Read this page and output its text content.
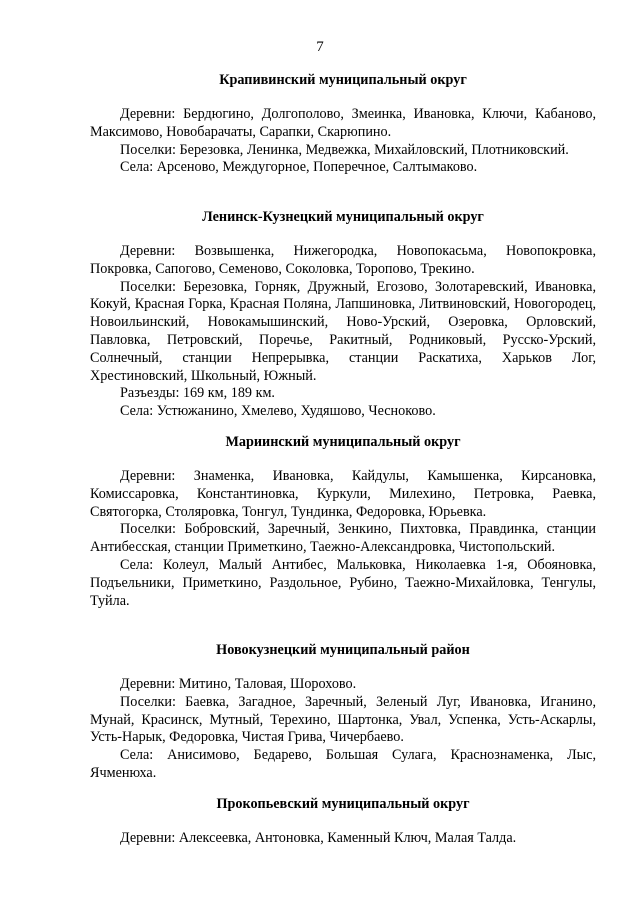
7
Крапивинский муниципальный округ

Деревни: Бердюгино, Долгополово, Змеинка, Ивановка, Ключи, Кабаново, Максимово, Новобарачаты, Сарапки, Скарюпино.

Поселки: Березовка, Ленинка, Медвежка, Михайловский, Плотниковский.

Села: Арсеново, Междугорное, Поперечное, Салтымаково.

Ленинск-Кузнецкий муниципальный округ

Деревни: Возвышенка, Нижегородка, Новопокасьма, Новопокровка, Покровка, Сапогово, Семеново, Соколовка, Торопово, Трекино.

Поселки: Березовка, Горняк, Дружный, Егозово, Золотаревский, Ивановка, Кокуй, Красная Горка, Красная Поляна, Лапшиновка, Литвиновский, Новогородец, Новоильинский, Новокамышинский, Ново-Урский, Озеровка, Орловский, Павловка, Петровский, Поречье, Ракитный, Родниковый, Русско-Урский, Солнечный, станции Непрерывка, станции Раскатиха, Харьков Лог, Хрестиновский, Школьный, Южный.

Разъезды: 169 км, 189 км.

Села: Устюжанино, Хмелево, Худяшово, Чесноково.

Мариинский муниципальный округ

Деревни: Знаменка, Ивановка, Кайдулы, Камышенка, Кирсановка, Комиссаровка, Константиновка, Куркули, Милехино, Петровка, Раевка, Святогорка, Столяровка, Тонгул, Тундинка, Федоровка, Юрьевка.

Поселки: Бобровский, Заречный, Зенкино, Пихтовка, Правдинка, станции Антибесская, станции Приметкино, Таежно-Александровка, Чистопольский.

Села: Колеул, Малый Антибес, Мальковка, Николаевка 1-я, Обояновка, Подъельники, Приметкино, Раздольное, Рубино, Таежно-Михайловка, Тенгулы, Туйла.

Новокузнецкий муниципальный район

Деревни: Митино, Таловая, Шорохово.

Поселки: Баевка, Загадное, Заречный, Зеленый Луг, Ивановка, Иганино, Мунай, Красинск, Мутный, Терехино, Шартонка, Увал, Успенка, Усть-Аскарлы, Усть-Нарык, Федоровка, Чистая Грива, Чичербаево.

Села: Анисимово, Бедарево, Большая Сулага, Краснознаменка, Лыс, Ячменюха.

Прокопьевский муниципальный округ

Деревни: Алексеевка, Антоновка, Каменный Ключ, Малая Талда.
